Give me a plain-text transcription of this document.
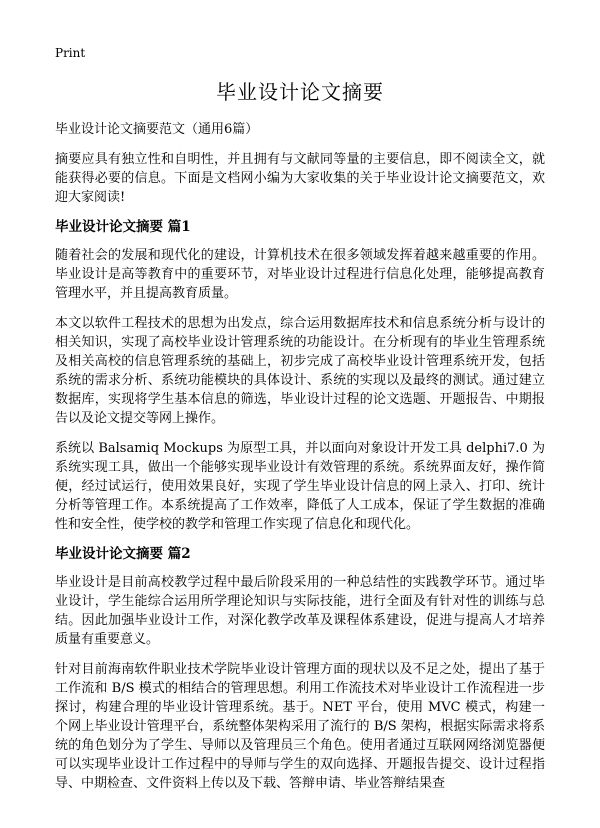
Print
毕业设计论文摘要
毕业设计论文摘要范文（通用6篇）

摘要应具有独立性和自明性，并且拥有与文献同等量的主要信息，即不阅读全文，就能获得必要的信息。下面是文档网小编为大家收集的关于毕业设计论文摘要范文，欢迎大家阅读!

毕业设计论文摘要 篇1

随着社会的发展和现代化的建设，计算机技术在很多领域发挥着越来越重要的作用。毕业设计是高等教育中的重要环节，对毕业设计过程进行信息化处理，能够提高教育管理水平，并且提高教育质量。

本文以软件工程技术的思想为出发点，综合运用数据库技术和信息系统分析与设计的相关知识，实现了高校毕业设计管理系统的功能设计。在分析现有的毕业生管理系统及相关高校的信息管理系统的基础上，初步完成了高校毕业设计管理系统开发，包括系统的需求分析、系统功能模块的具体设计、系统的实现以及最终的测试。通过建立数据库，实现将学生基本信息的筛选，毕业设计过程的论文选题、开题报告、中期报告以及论文提交等网上操作。

系统以 Balsamiq Mockups 为原型工具，并以面向对象设计开发工具 delphi7.0 为系统实现工具，做出一个能够实现毕业设计有效管理的系统。系统界面友好，操作简便，经过试运行，使用效果良好，实现了学生毕业设计信息的网上录入、打印、统计分析等管理工作。本系统提高了工作效率，降低了人工成本，保证了学生数据的准确性和安全性，使学校的教学和管理工作实现了信息化和现代化。

毕业设计论文摘要 篇2

毕业设计是目前高校教学过程中最后阶段采用的一种总结性的实践教学环节。通过毕业设计，学生能综合运用所学理论知识与实际技能，进行全面及有针对性的训练与总结。因此加强毕业设计工作，对深化教学改革及课程体系建设，促进与提高人才培养质量有重要意义。

针对目前海南软件职业技术学院毕业设计管理方面的现状以及不足之处，提出了基于工作流和 B/S 模式的相结合的管理思想。利用工作流技术对毕业设计工作流程进一步探讨，构建合理的毕业设计管理系统。基于。NET 平台，使用 MVC 模式，构建一个网上毕业设计管理平台，系统整体架构采用了流行的 B/S 架构，根据实际需求将系统的角色划分为了学生、导师以及管理员三个角色。使用者通过互联网网络浏览器便可以实现毕业设计工作过程中的导师与学生的双向选择、开题报告提交、设计过程指导、中期检查、文件资料上传以及下载、答辩申请、毕业答辩结果查
